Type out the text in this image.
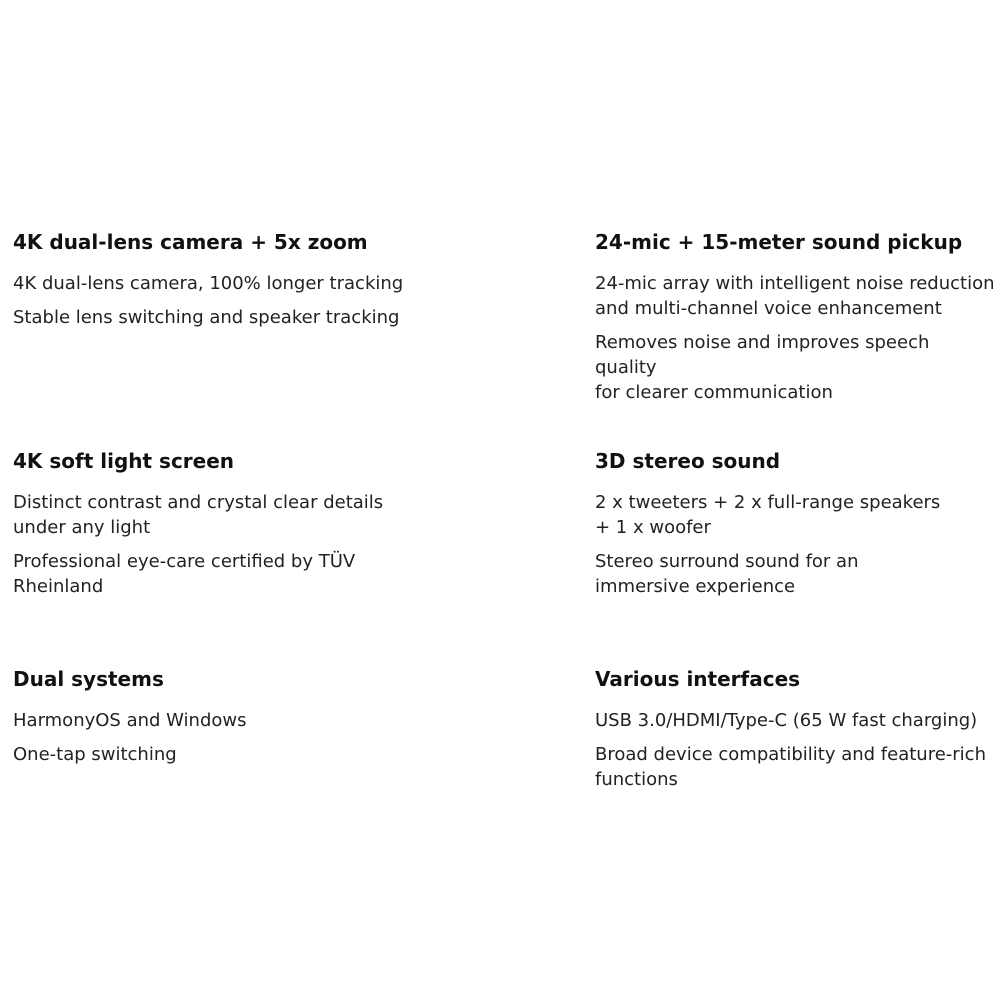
4K dual-lens camera + 5x zoom
4K dual-lens camera, 100% longer tracking
Stable lens switching and speaker tracking
24-mic + 15-meter sound pickup
24-mic array with intelligent noise reduction
and multi-channel voice enhancement
Removes noise and improves speech quality
for clearer communication
4K soft light screen
Distinct contrast and crystal clear details
under any light
Professional eye-care certified by TÜV
Rheinland
3D stereo sound
2 x tweeters + 2 x full-range speakers
+ 1 x woofer
Stereo surround sound for an
immersive experience
Dual systems
HarmonyOS and Windows
One-tap switching
Various interfaces
USB 3.0/HDMI/Type-C (65 W fast charging)
Broad device compatibility and feature-rich
functions
